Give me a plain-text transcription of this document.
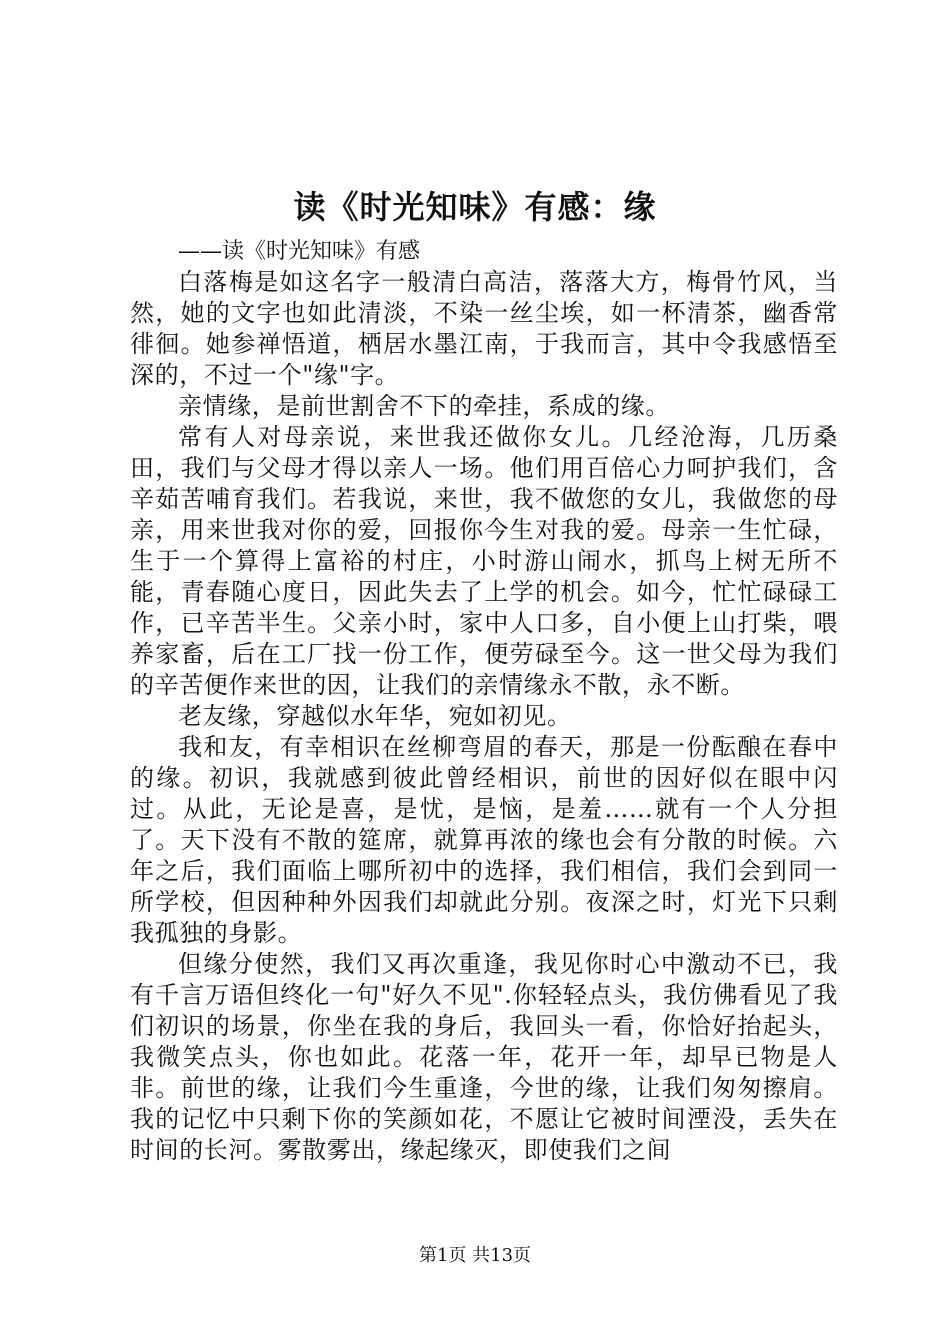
读《时光知味》有感：缘

——读《时光知味》有感

白落梅是如这名字一般清白高洁，落落大方，梅骨竹风，当然，她的文字也如此清淡，不染一丝尘埃，如一杯清茶，幽香常徘徊。她参禅悟道，栖居水墨江南，于我而言，其中令我感悟至深的，不过一个"缘"字。

亲情缘，是前世割舍不下的牵挂，系成的缘。

常有人对母亲说，来世我还做你女儿。几经沧海，几历桑田，我们与父母才得以亲人一场。他们用百倍心力呵护我们，含辛茹苦哺育我们。若我说，来世，我不做您的女儿，我做您的母亲，用来世我对你的爱，回报你今生对我的爱。母亲一生忙碌，生于一个算得上富裕的村庄，小时游山闹水，抓鸟上树无所不能，青春随心度日，因此失去了上学的机会。如今，忙忙碌碌工作，已辛苦半生。父亲小时，家中人口多，自小便上山打柴，喂养家畜，后在工厂找一份工作，便劳碌至今。这一世父母为我们的辛苦便作来世的因，让我们的亲情缘永不散，永不断。

老友缘，穿越似水年华，宛如初见。

我和友，有幸相识在丝柳弯眉的春天，那是一份酝酿在春中的缘。初识，我就感到彼此曾经相识，前世的因好似在眼中闪过。从此，无论是喜，是忧，是恼，是羞……就有一个人分担了。天下没有不散的筵席，就算再浓的缘也会有分散的时候。六年之后，我们面临上哪所初中的选择，我们相信，我们会到同一所学校，但因种种外因我们却就此分别。夜深之时，灯光下只剩我孤独的身影。

但缘分使然，我们又再次重逢，我见你时心中激动不已，我有千言万语但终化一句"好久不见".你轻轻点头，我仿佛看见了我们初识的场景，你坐在我的身后，我回头一看，你恰好抬起头，我微笑点头，你也如此。花落一年，花开一年，却早已物是人非。前世的缘，让我们今生重逢，今世的缘，让我们匆匆擦肩。我的记忆中只剩下你的笑颜如花，不愿让它被时间湮没，丢失在时间的长河。雾散雾出，缘起缘灭，即使我们之间

第1页 共13页
